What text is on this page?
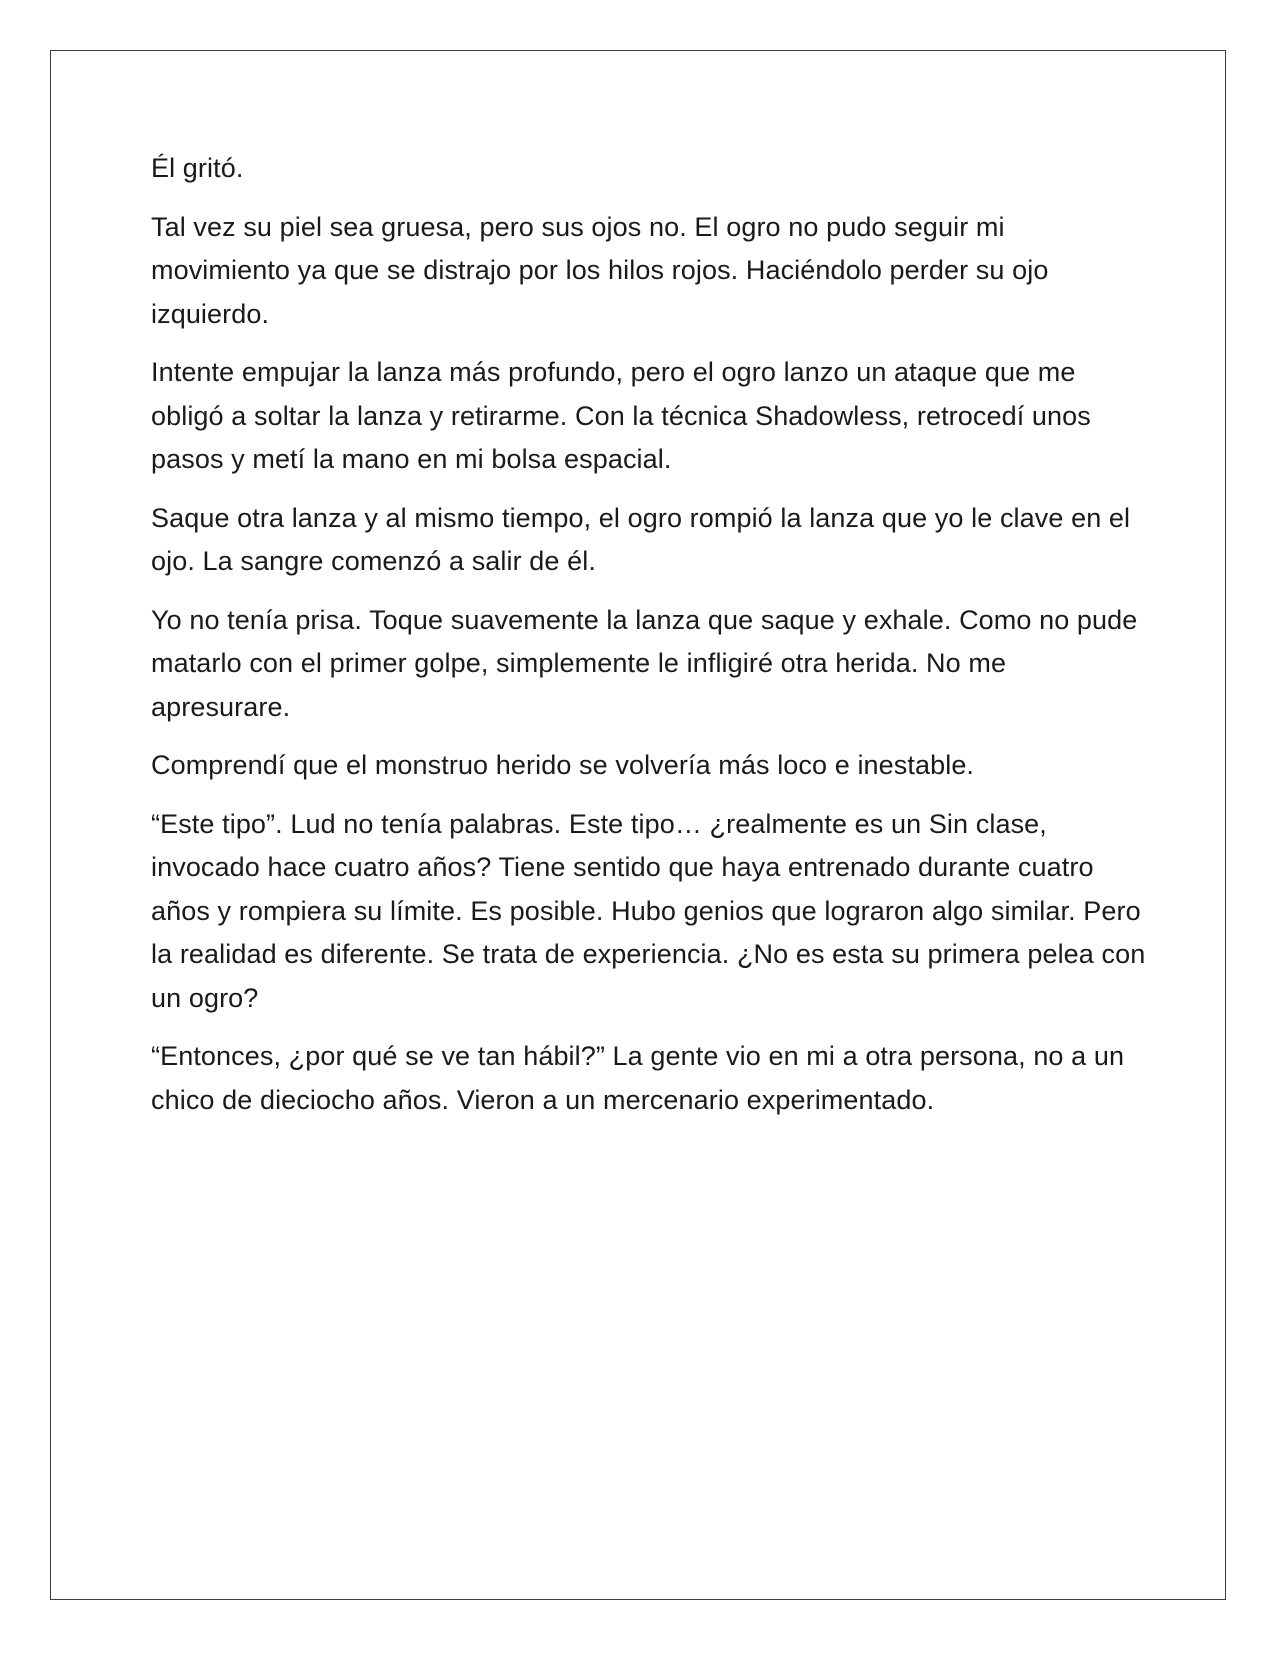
Él gritó.

Tal vez su piel sea gruesa, pero sus ojos no. El ogro no pudo seguir mi movimiento ya que se distrajo por los hilos rojos. Haciéndolo perder su ojo izquierdo.

Intente empujar la lanza más profundo, pero el ogro lanzo un ataque que me obligó a soltar la lanza y retirarme. Con la técnica Shadowless, retrocedí unos pasos y metí la mano en mi bolsa espacial.

Saque otra lanza y al mismo tiempo, el ogro rompió la lanza que yo le clave en el ojo. La sangre comenzó a salir de él.

Yo no tenía prisa. Toque suavemente la lanza que saque y exhale. Como no pude matarlo con el primer golpe, simplemente le infligiré otra herida. No me apresurare.

Comprendí que el monstruo herido se volvería más loco e inestable.

“Este tipo”. Lud no tenía palabras. Este tipo… ¿realmente es un Sin clase, invocado hace cuatro años? Tiene sentido que haya entrenado durante cuatro años y rompiera su límite. Es posible. Hubo genios que lograron algo similar. Pero la realidad es diferente. Se trata de experiencia. ¿No es esta su primera pelea con un ogro?

“Entonces, ¿por qué se ve tan hábil?” La gente vio en mi a otra persona, no a un chico de dieciocho años. Vieron a un mercenario experimentado.
